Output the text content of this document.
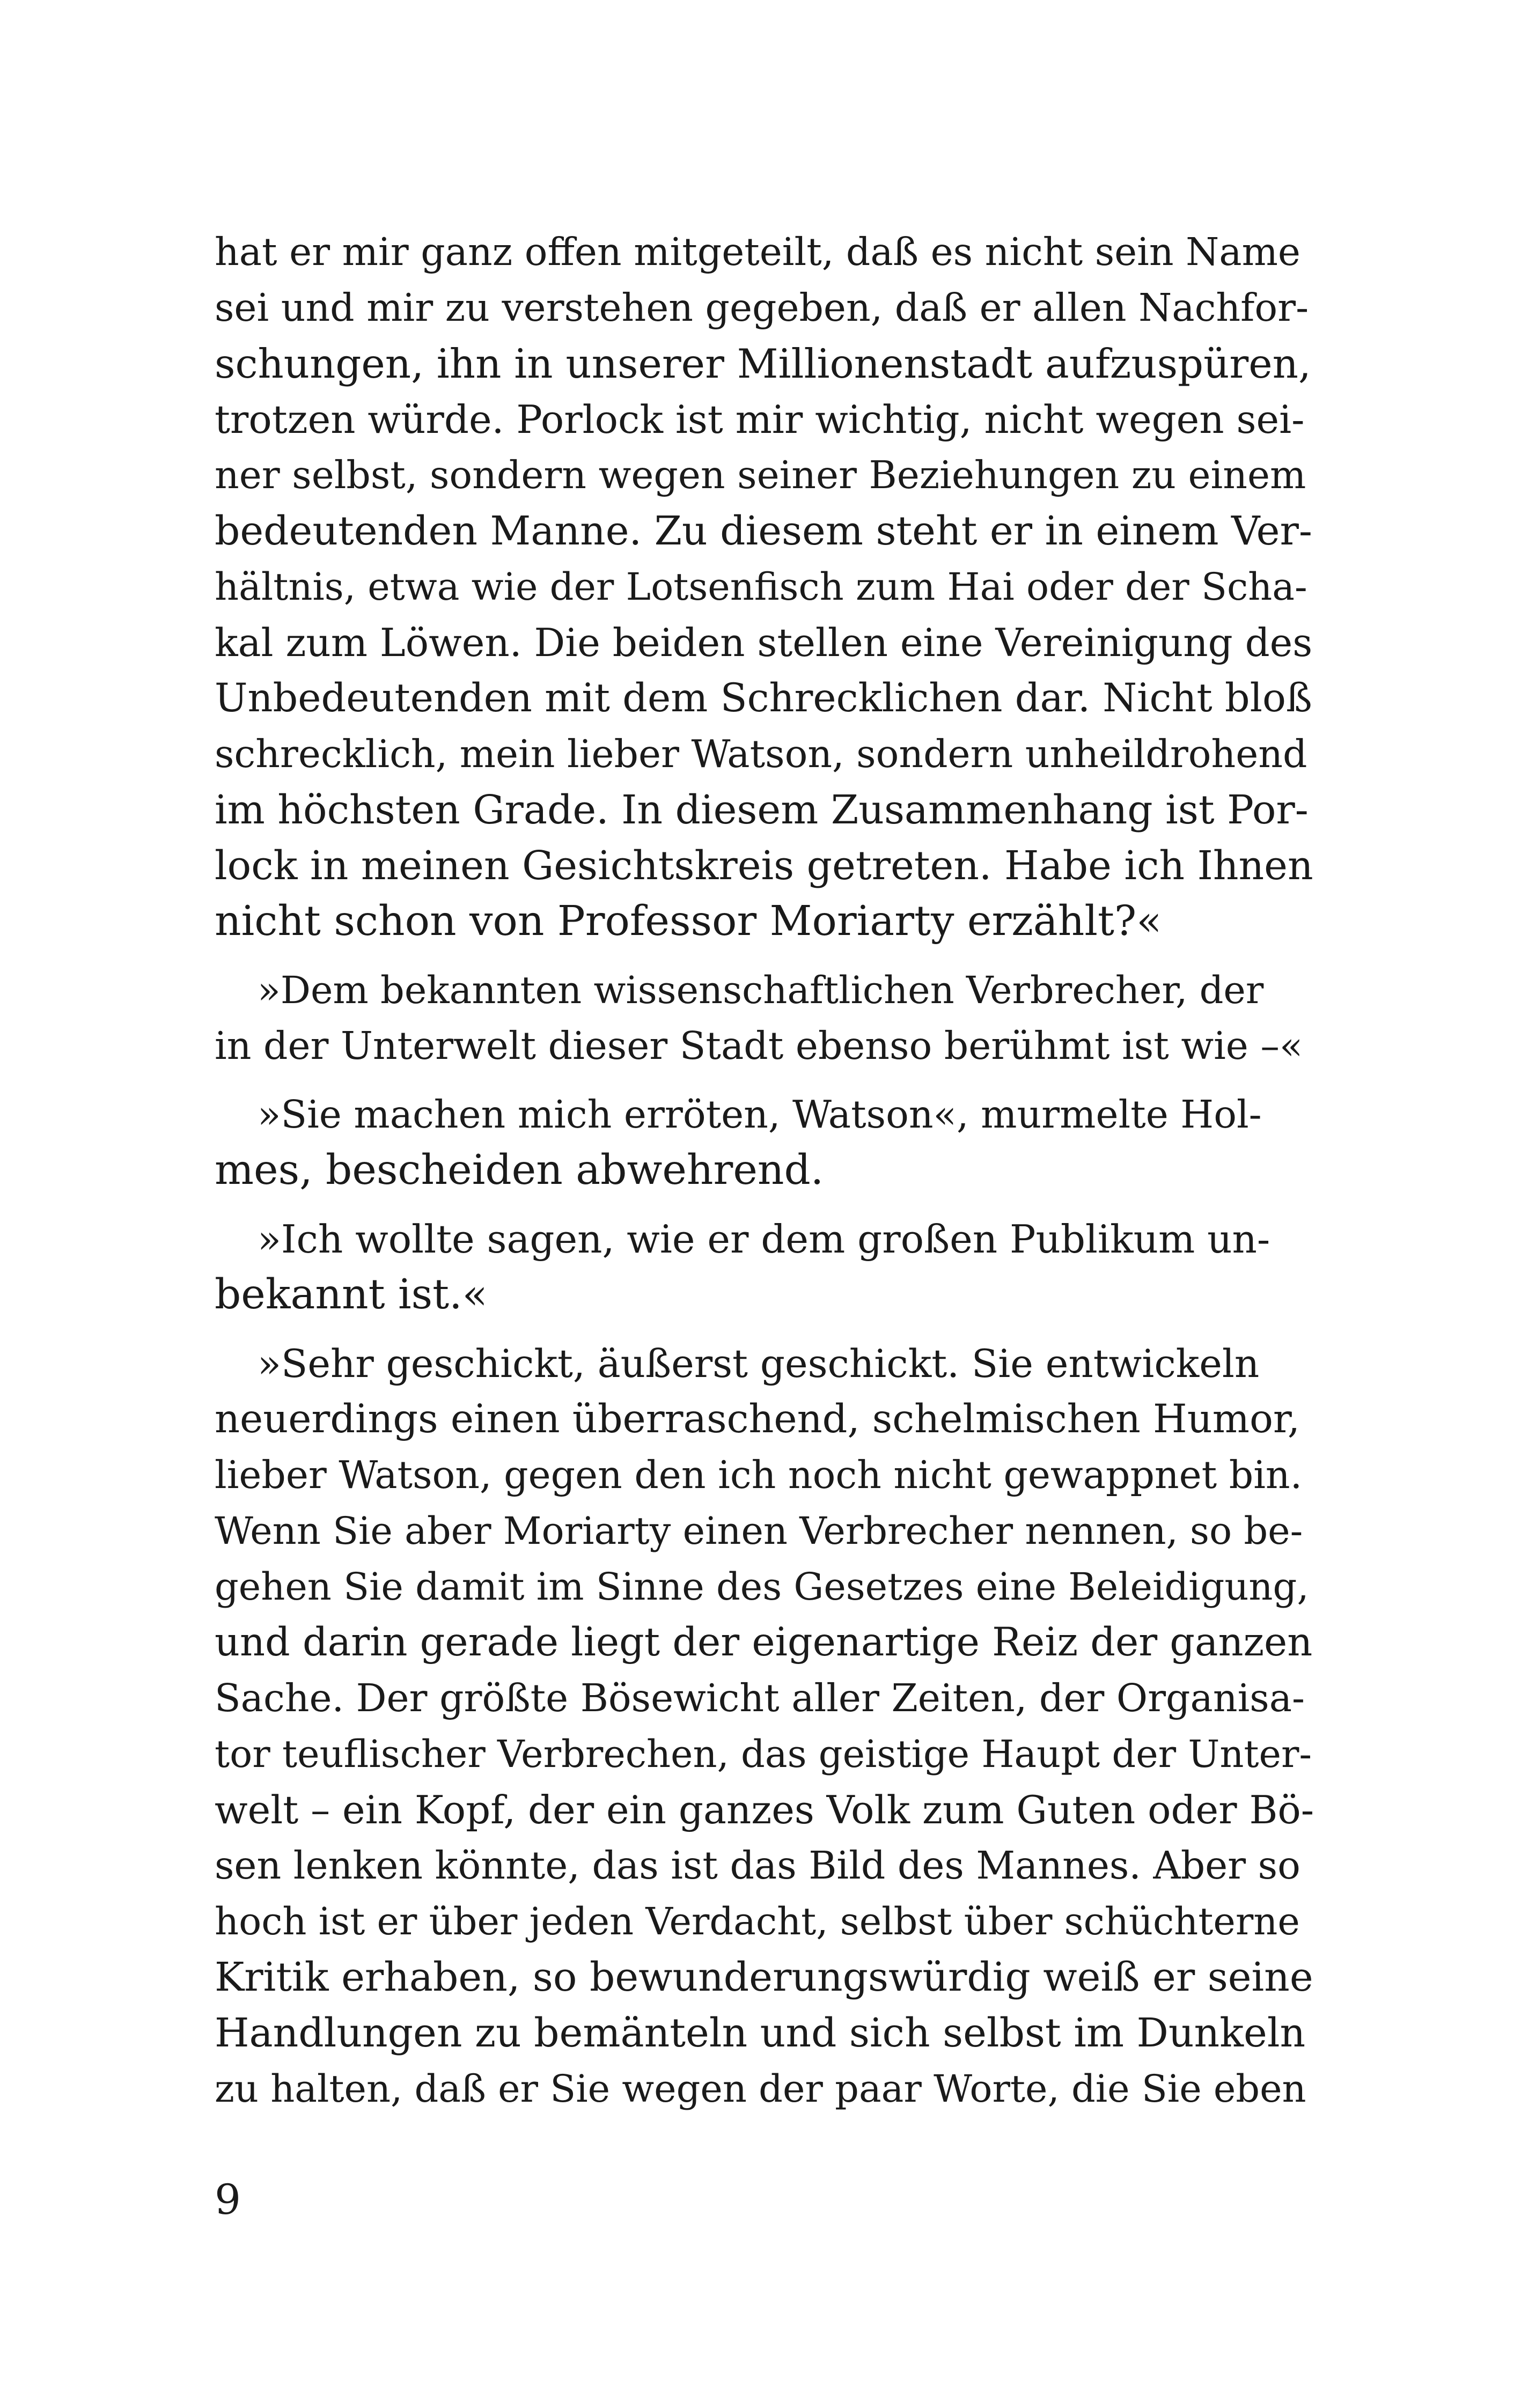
hat er mir ganz offen mitgeteilt, daß es nicht sein Name
sei und mir zu verstehen gegeben, daß er allen Nachfor-
schungen, ihn in unserer Millionenstadt aufzuspüren,
trotzen würde. Porlock ist mir wichtig, nicht wegen sei-
ner selbst, sondern wegen seiner Beziehungen zu einem
bedeutenden Manne. Zu diesem steht er in einem Ver-
hältnis, etwa wie der Lotsenfisch zum Hai oder der Scha-
kal zum Löwen. Die beiden stellen eine Vereinigung des
Unbedeutenden mit dem Schrecklichen dar. Nicht bloß
schrecklich, mein lieber Watson, sondern unheildrohend
im höchsten Grade. In diesem Zusammenhang ist Por-
lock in meinen Gesichtskreis getreten. Habe ich Ihnen
nicht schon von Professor Moriarty erzählt?«
»Dem bekannten wissenschaftlichen Verbrecher, der
in der Unterwelt dieser Stadt ebenso berühmt ist wie –«
»Sie machen mich erröten, Watson«, murmelte Hol-
mes, bescheiden abwehrend.
»Ich wollte sagen, wie er dem großen Publikum un-
bekannt ist.«
»Sehr geschickt, äußerst geschickt. Sie entwickeln
neuerdings einen überraschend, schelmischen Humor,
lieber Watson, gegen den ich noch nicht gewappnet bin.
Wenn Sie aber Moriarty einen Verbrecher nennen, so be-
gehen Sie damit im Sinne des Gesetzes eine Beleidigung,
und darin gerade liegt der eigenartige Reiz der ganzen
Sache. Der größte Bösewicht aller Zeiten, der Organisa-
tor teuflischer Verbrechen, das geistige Haupt der Unter-
welt – ein Kopf, der ein ganzes Volk zum Guten oder Bö-
sen lenken könnte, das ist das Bild des Mannes. Aber so
hoch ist er über jeden Verdacht, selbst über schüchterne
Kritik erhaben, so bewunderungswürdig weiß er seine
Handlungen zu bemänteln und sich selbst im Dunkeln
zu halten, daß er Sie wegen der paar Worte, die Sie eben
9
